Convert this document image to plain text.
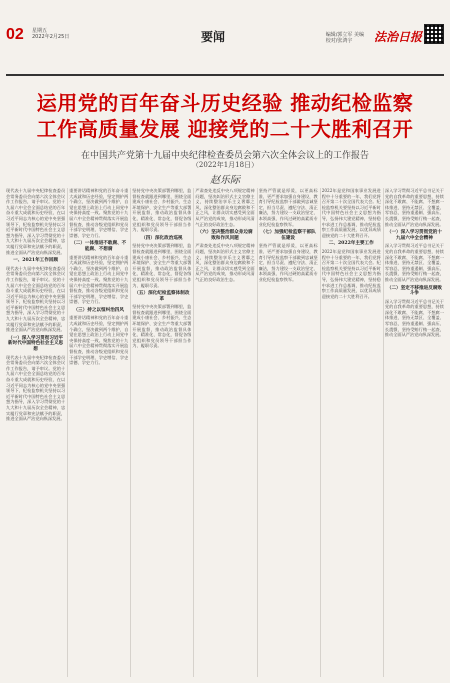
02 星期五
2022年2月25日	要闻	编辑/郭立军 美编
校对/张鸿宇	法治日报
运用党的百年奋斗历史经验 推动纪检监察
工作高质量发展 迎接党的二十大胜利召开
在中国共产党第十九届中央纪律检查委员会第六次全体会议上的工作报告
（2022年1月18日）
赵乐际
现代表十九届中央纪律检查委员会常务委员会向第六次全体会议作工作报告，请予审议。党的十九届六中全会全面总结党的百年奋斗重大成就和历史经验，在以习近平同志为核心的党中央坚强领导下，纪检监察机关坚持以习近平新时代中国特色社会主义思想为指导，深入学习贯彻党的十九大和十九届历次全会精神，忠实履行党章和宪法赋予的职责，推进全面从严治党向纵深发展。
一、2021年工作回顾
现代表十九届中央纪律检查委员会常务委员会向第六次全体会议作工作报告，请予审议。党的十九届六中全会全面总结党的百年奋斗重大成就和历史经验，在以习近平同志为核心的党中央坚强领导下，纪检监察机关坚持以习近平新时代中国特色社会主义思想为指导，深入学习贯彻党的十九大和十九届历次全会精神，忠实履行党章和宪法赋予的职责，推进全面从严治党向纵深发展。
（一）深入学习贯彻习近平新时代中国特色社会主义思想
现代表十九届中央纪律检查委员会常务委员会向第六次全体会议作工作报告，请予审议。党的十九届六中全会全面总结党的百年奋斗重大成就和历史经验，在以习近平同志为核心的党中央坚强领导下，纪检监察机关坚持以习近平新时代中国特色社会主义思想为指导，深入学习贯彻党的十九大和十九届历次全会精神，忠实履行党章和宪法赋予的职责，推进全面从严治党向纵深发展。
重要讲话精神和党的百年奋斗重大成就和历史经验，坚定拥护两个确立，坚决做到两个维护，自觉在思想上政治上行动上同党中央保持高度一致。聚焦党的十九届六中全会精神贯彻落实开展监督检查，推动各级党组织和党员干部学史明理、学史增信、学史崇德、学史力行。
（二）一体推进不敢腐、不能腐、不想腐
重要讲话精神和党的百年奋斗重大成就和历史经验，坚定拥护两个确立，坚决做到两个维护，自觉在思想上政治上行动上同党中央保持高度一致。聚焦党的十九届六中全会精神贯彻落实开展监督检查，推动各级党组织和党员干部学史明理、学史增信、学史崇德、学史力行。
（三）持之以恒纠治四风
重要讲话精神和党的百年奋斗重大成就和历史经验，坚定拥护两个确立，坚决做到两个维护，自觉在思想上政治上行动上同党中央保持高度一致。聚焦党的十九届六中全会精神贯彻落实开展监督检查，推动各级党组织和党员干部学史明理、学史增信、学史崇德、学史力行。
坚持党中央决策部署到哪里，监督检查就跟进到哪里，围绕全面建成小康社会、乡村振兴、生态环境保护、安全生产等重大部署开展监督，推动政治监督具体化、精准化、常态化，督促各级党组织和党员领导干部担当作为、履职尽责。
（四）深化政治巡视
坚持党中央决策部署到哪里，监督检查就跟进到哪里，围绕全面建成小康社会、乡村振兴、生态环境保护、安全生产等重大部署开展监督，推动政治监督具体化、精准化、常态化，督促各级党组织和党员领导干部担当作为、履职尽责。
（五）深化纪检监察体制改革
坚持党中央决策部署到哪里，监督检查就跟进到哪里，围绕全面建成小康社会、乡村振兴、生态环境保护、安全生产等重大部署开展监督，推动政治监督具体化、精准化、常态化，督促各级党组织和党员领导干部担当作为、履职尽责。
严肃查处违反中央八项规定精神问题，坚决纠治形式主义官僚主义，持续整治享乐主义奢靡之风，深化整治群众身边腐败和不正之风，让群众切实感受到全面从严治党的成效，推动形成风清气正的良好政治生态。
（六）坚决整治群众身边腐败和作风问题
严肃查处违反中央八项规定精神问题，坚决纠治形式主义官僚主义，持续整治享乐主义奢靡之风，深化整治群众身边腐败和不正之风，让群众切实感受到全面从严治党的成效，推动形成风清气正的良好政治生态。
坚持严管就是厚爱，以更高标准、更严要求加强自身建设，教育引导纪检监察干部做到忠诚坚定、担当尽责、遵纪守法、清正廉洁，努力建设一支政治坚定、本领高强、作风过硬的高素质专业化纪检监察铁军。
（七）加强纪检监察干部队伍建设
坚持严管就是厚爱，以更高标准、更严要求加强自身建设，教育引导纪检监察干部做到忠诚坚定、担当尽责、遵纪守法、清正廉洁，努力建设一支政治坚定、本领高强、作风过硬的高素质专业化纪检监察铁军。
2022年是党和国家事业发展进程中十分重要的一年，我们党将召开第二十次全国代表大会。纪检监察机关要坚持以习近平新时代中国特色社会主义思想为指导，弘扬伟大建党精神，坚持稳中求进工作总基调，推动纪检监察工作高质量发展，以优异成绩迎接党的二十大胜利召开。
二、2022年主要工作
2022年是党和国家事业发展进程中十分重要的一年，我们党将召开第二十次全国代表大会。纪检监察机关要坚持以习近平新时代中国特色社会主义思想为指导，弘扬伟大建党精神，坚持稳中求进工作总基调，推动纪检监察工作高质量发展，以优异成绩迎接党的二十大胜利召开。
深入学习贯彻习近平总书记关于党的自我革命的重要思想，持续深化不敢腐、不能腐、不想腐一体推进，坚持无禁区、全覆盖、零容忍，坚持重遏制、强高压、长震慑，坚持受贿行贿一起查，推动全面从严治党向纵深发展。
（一）深入学习贯彻党的十九届六中全会精神
深入学习贯彻习近平总书记关于党的自我革命的重要思想，持续深化不敢腐、不能腐、不想腐一体推进，坚持无禁区、全覆盖、零容忍，坚持重遏制、强高压、长震慑，坚持受贿行贿一起查，推动全面从严治党向纵深发展。
（二）坚定不移推进反腐败斗争
深入学习贯彻习近平总书记关于党的自我革命的重要思想，持续深化不敢腐、不能腐、不想腐一体推进，坚持无禁区、全覆盖、零容忍，坚持重遏制、强高压、长震慑，坚持受贿行贿一起查，推动全面从严治党向纵深发展。
